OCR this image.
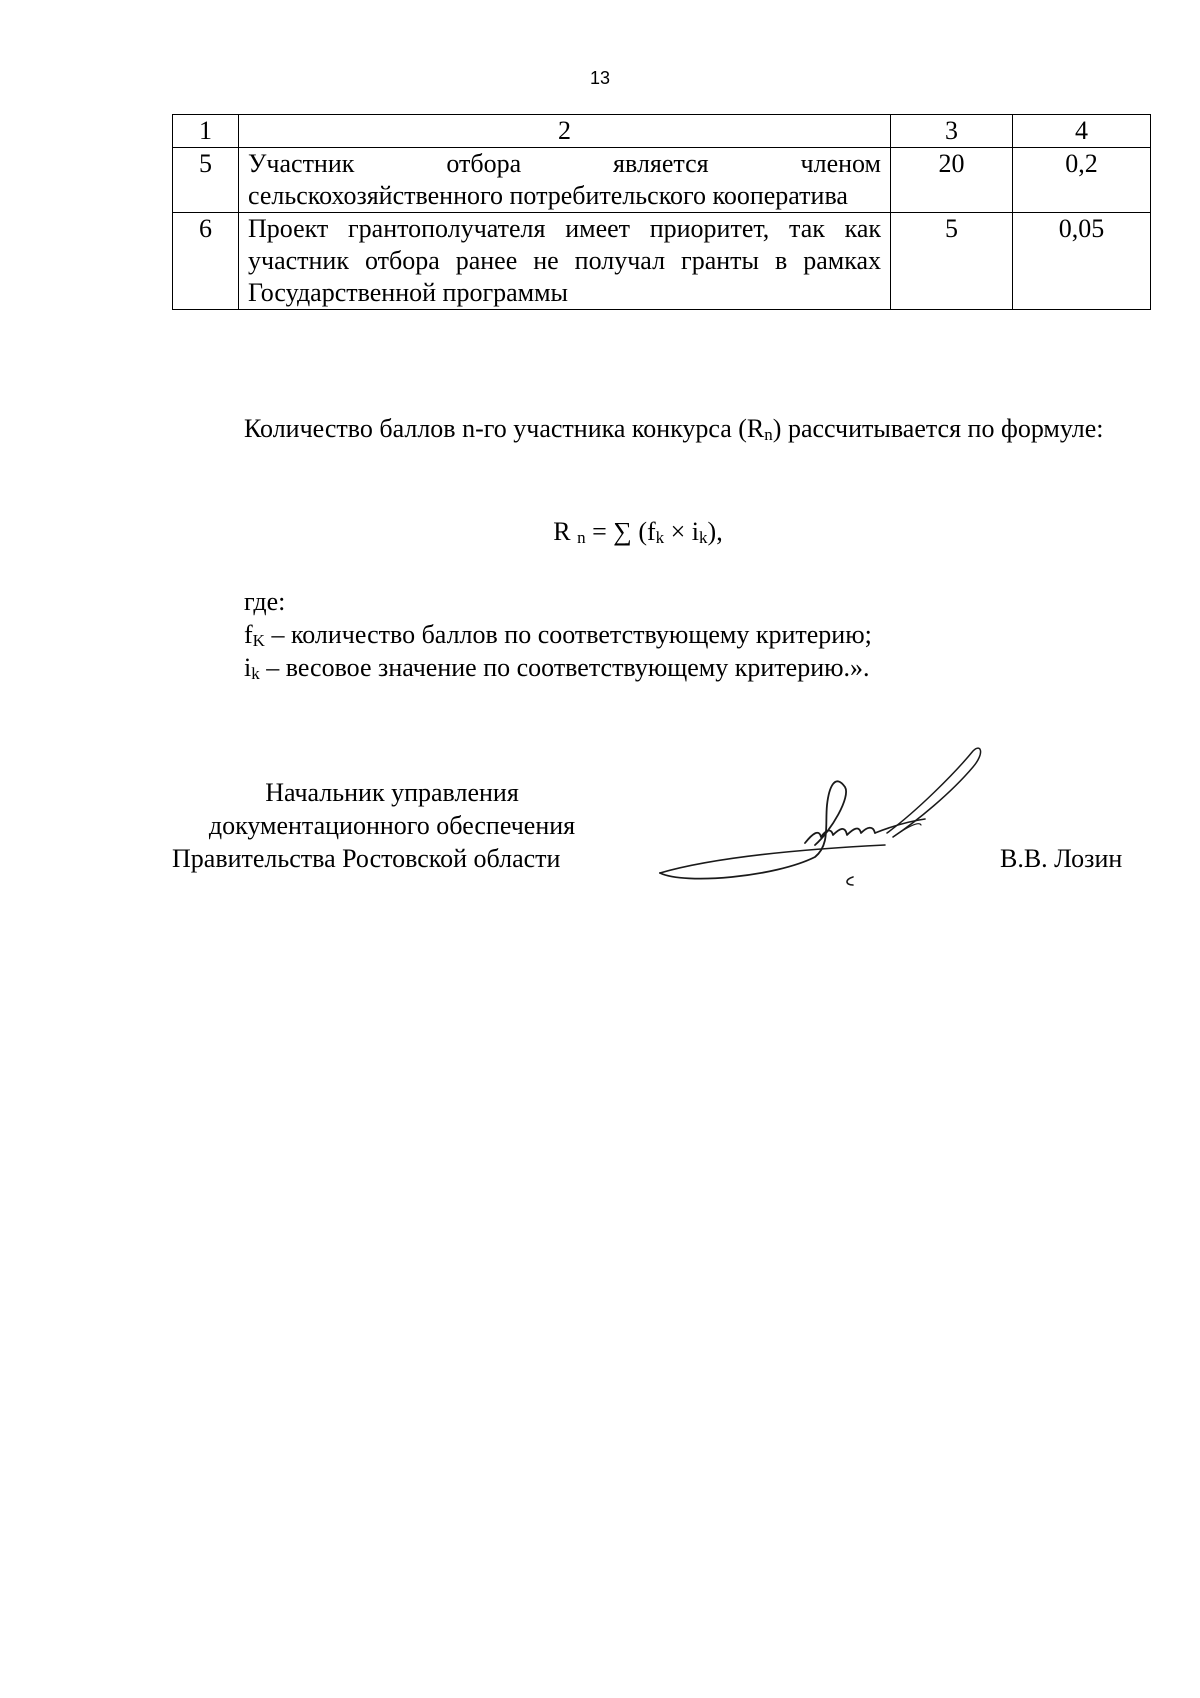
13
1	2	3	4
5	Участник отбора является членом сельскохозяйственного потребительского кооператива	20	0,2
6	Проект грантополучателя имеет приоритет, так как участник отбора ранее не получал гранты в рамках Государственной программы	5	0,05
Количество баллов n-го участника конкурса $(R_n)$ рассчитывается по формуле:
R $_n$ = ∑ $(f_k \times i_k)$,
где:
$f_K$ – количество баллов по соответствующему критерию;
$i_k$ – весовое значение по соответствующему критерию.».
Начальник управления
документационного обеспечения
Правительства Ростовской области	В.В. Лозин
